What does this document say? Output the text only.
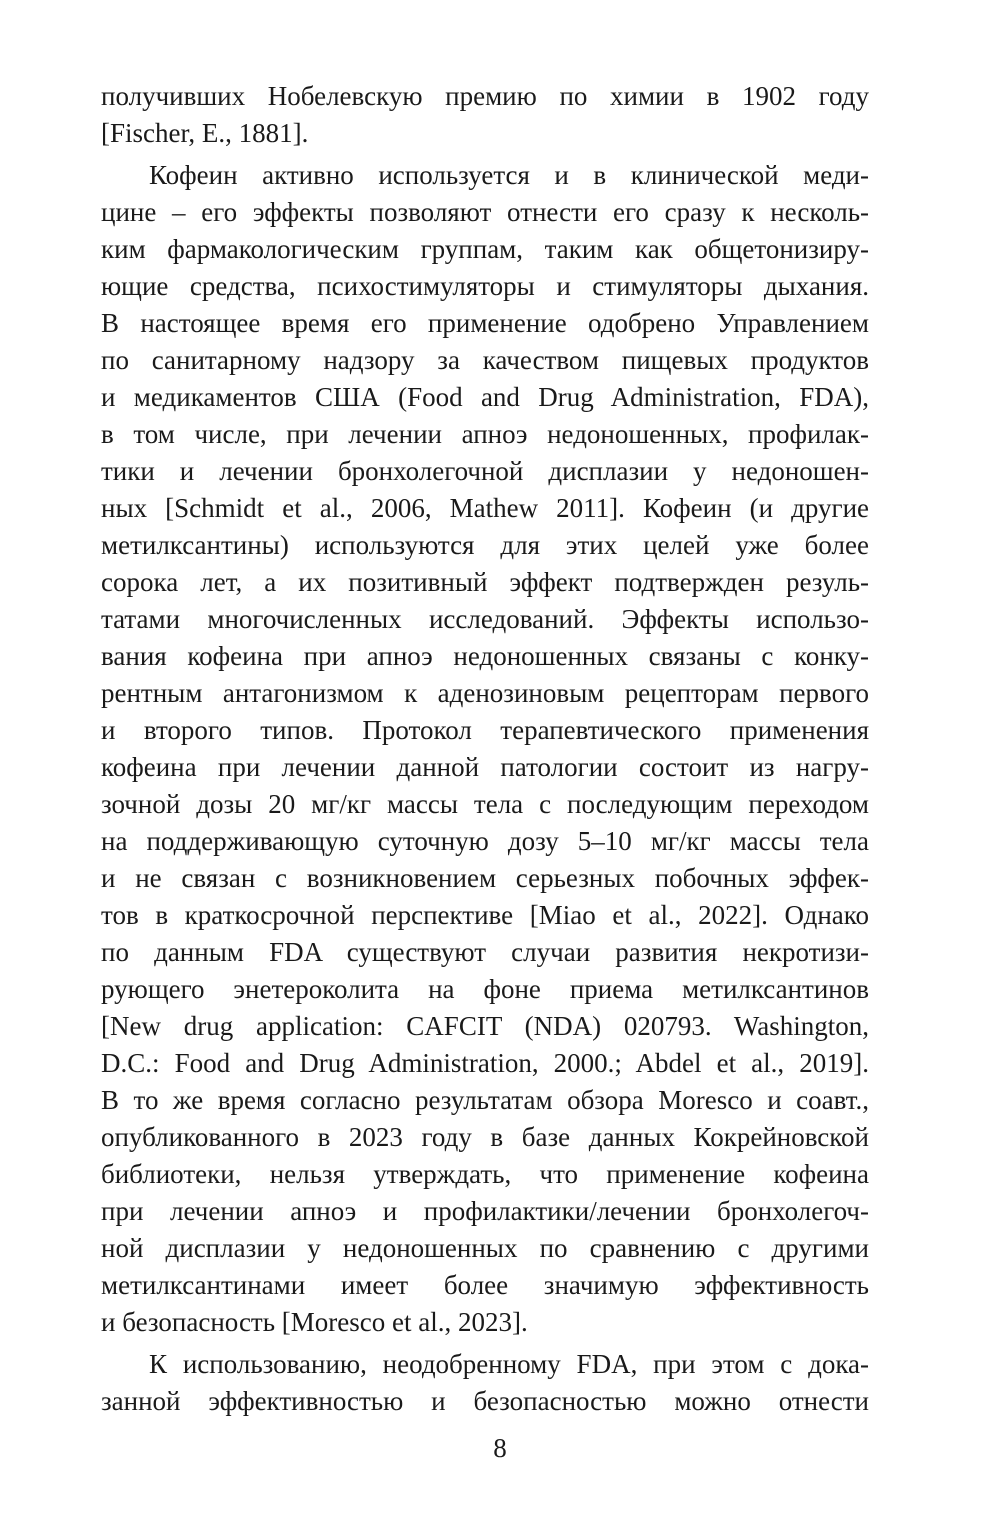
получивших Нобелевскую премию по химии в 1902 году
[Fischer, E., 1881].
Кофеин активно используется и в клинической меди-
цине – его эффекты позволяют отнести его сразу к несколь-
ким фармакологическим группам, таким как общетонизиру-
ющие средства, психостимуляторы и стимуляторы дыхания.
В настоящее время его применение одобрено Управлением
по санитарному надзору за качеством пищевых продуктов
и медикаментов США (Food and Drug Administration, FDA),
в том числе, при лечении апноэ недоношенных, профилак-
тики и лечении бронхолегочной дисплазии у недоношен-
ных [Schmidt et al., 2006, Mathew 2011]. Кофеин (и другие
метилксантины) используются для этих целей уже более
сорока лет, а их позитивный эффект подтвержден резуль-
татами многочисленных исследований. Эффекты использо-
вания кофеина при апноэ недоношенных связаны с конку-
рентным антагонизмом к аденозиновым рецепторам первого
и второго типов. Протокол терапевтического применения
кофеина при лечении данной патологии состоит из нагру-
зочной дозы 20 мг/кг массы тела с последующим переходом
на поддерживающую суточную дозу 5–10 мг/кг массы тела
и не связан с возникновением серьезных побочных эффек-
тов в краткосрочной перспективе [Miao et al., 2022]. Однако
по данным FDA существуют случаи развития некротизи-
рующего энетероколита на фоне приема метилксантинов
[New drug application: CAFCIT (NDA) 020793. Washington,
D.C.: Food and Drug Administration, 2000.; Abdel et al., 2019].
В то же время согласно результатам обзора Moresco и соавт.,
опубликованного в 2023 году в базе данных Кокрейновской
библиотеки, нельзя утверждать, что применение кофеина
при лечении апноэ и профилактики/лечении бронхолегоч-
ной дисплазии у недоношенных по сравнению с другими
метилксантинами имеет более значимую эффективность
и безопасность [Moresco et al., 2023].
К использованию, неодобренному FDA, при этом с дока-
занной эффективностью и безопасностью можно отнести
8
